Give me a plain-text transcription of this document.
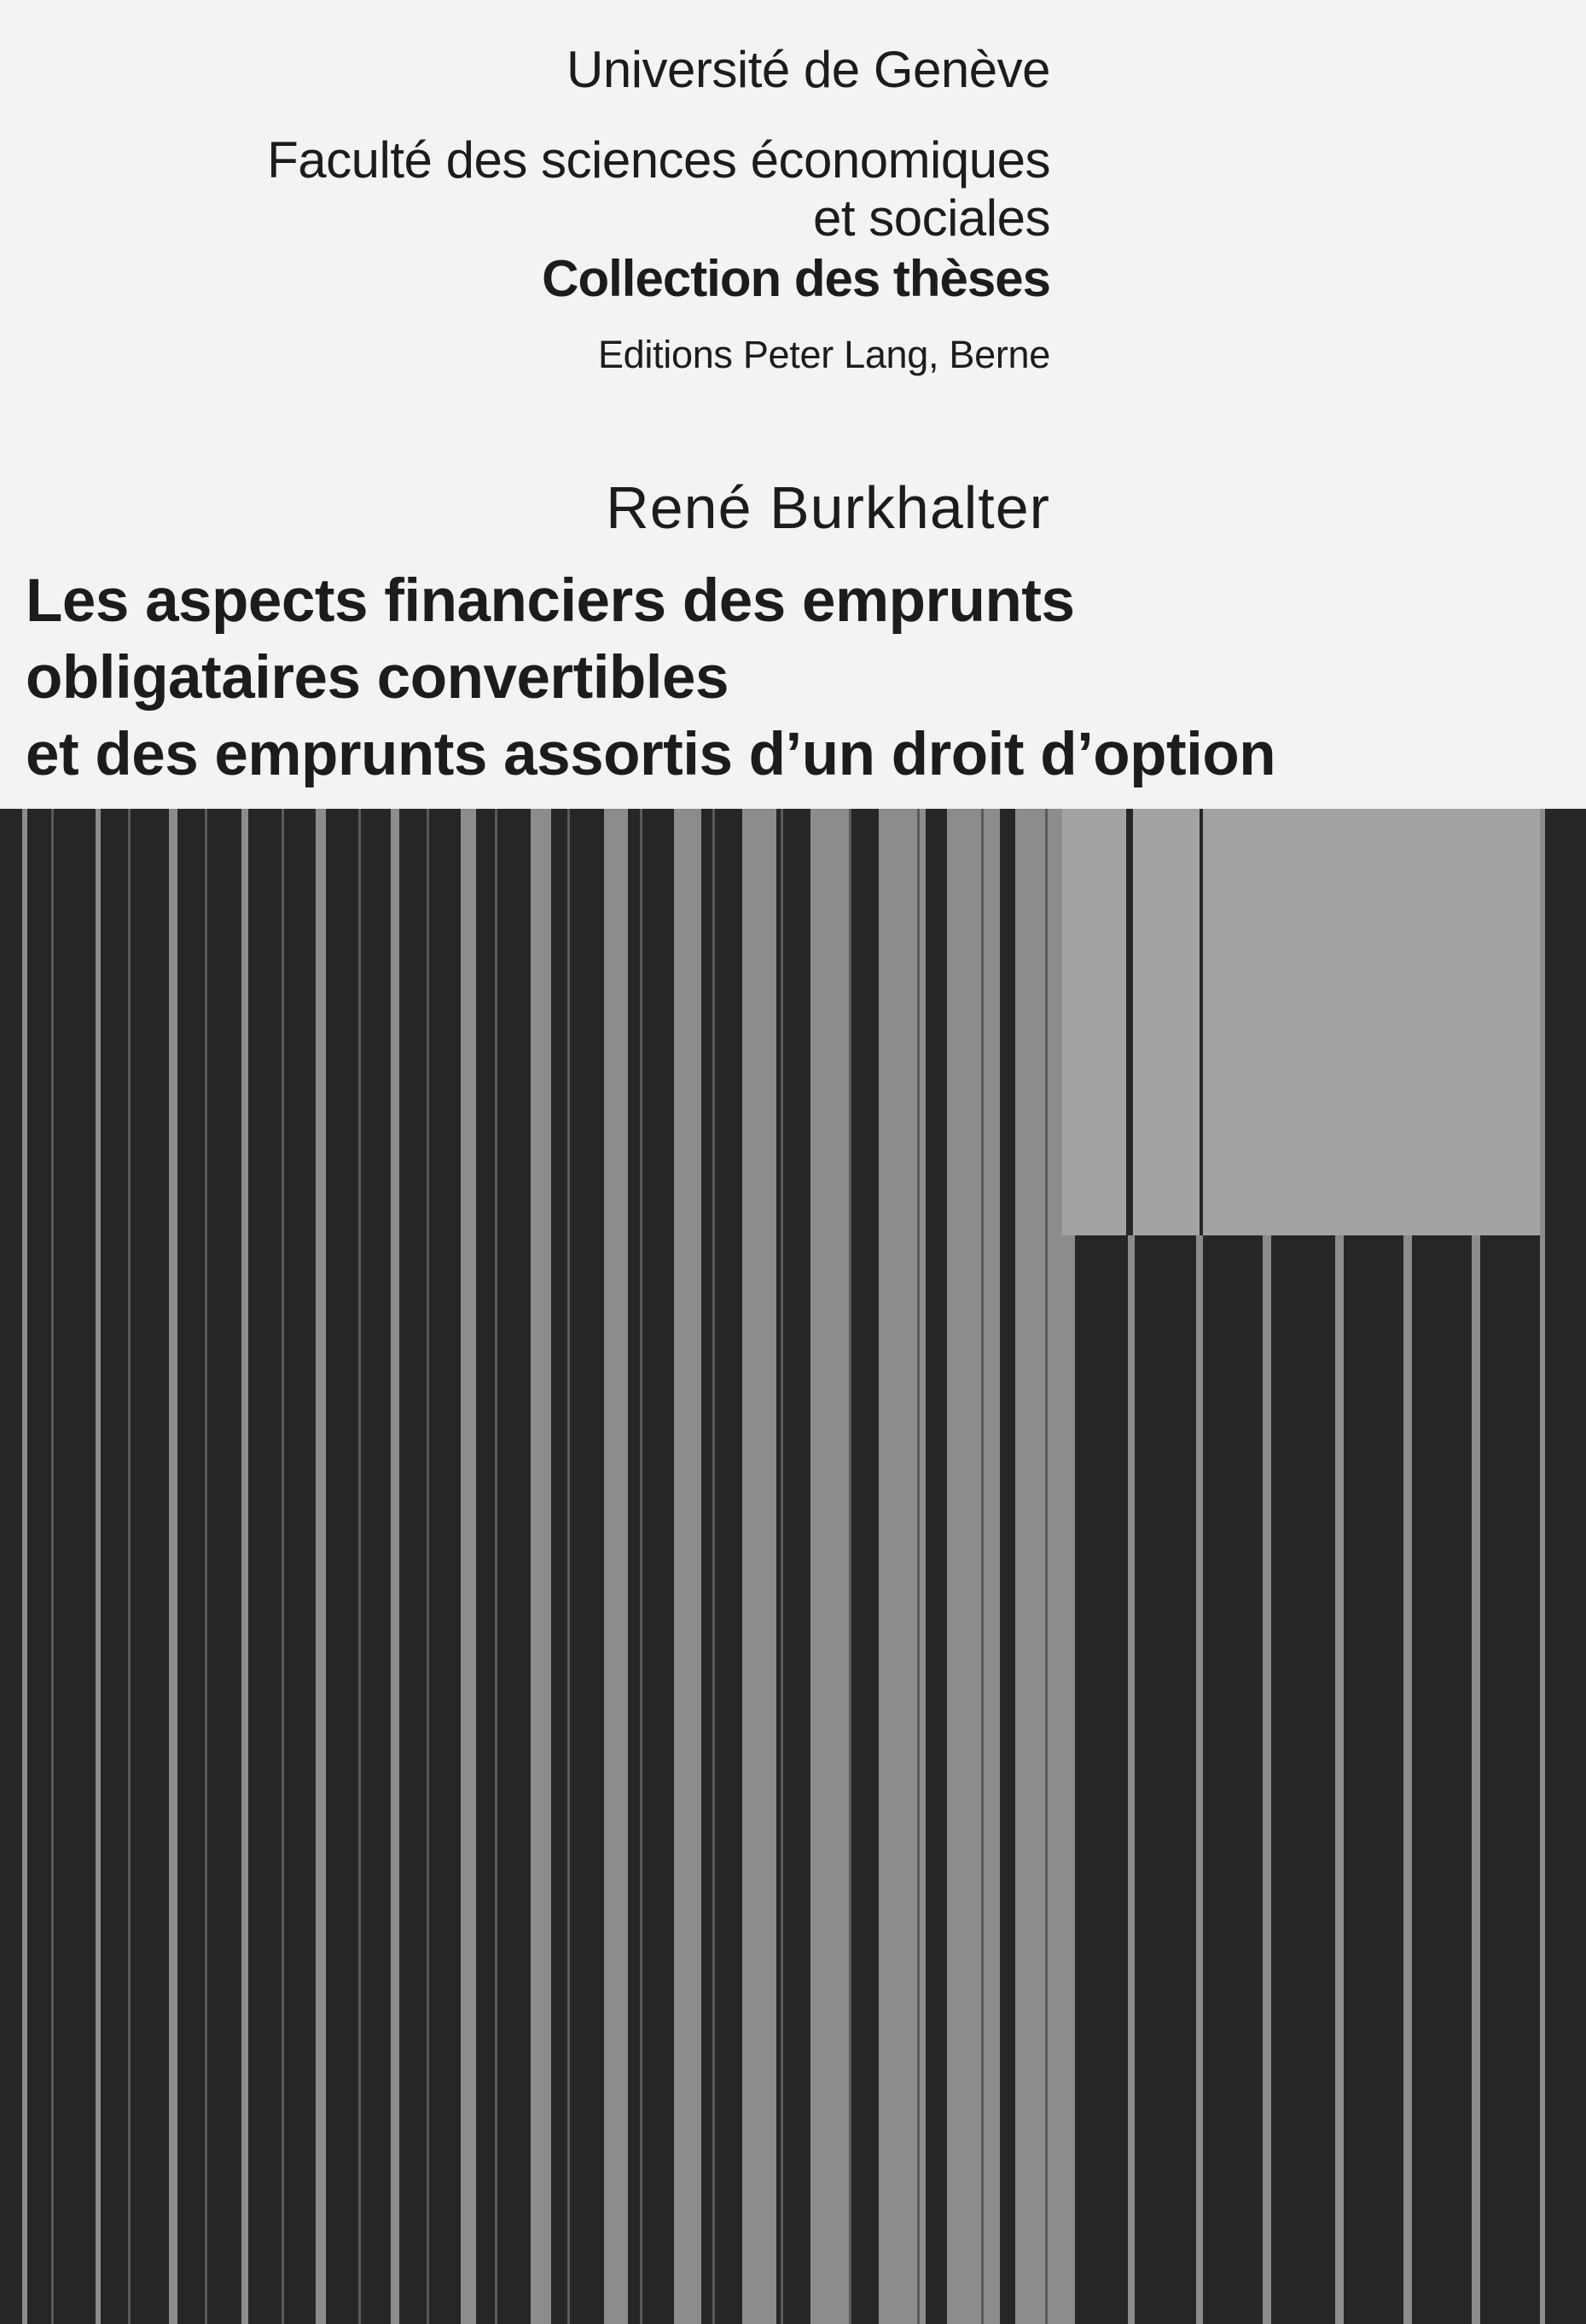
Université de Genève
Faculté des sciences économiques
et sociales
Collection des thèses
Editions Peter Lang, Berne
René Burkhalter
Les aspects financiers des emprunts
obligataires convertibles
et des emprunts assortis d’un droit d’option
